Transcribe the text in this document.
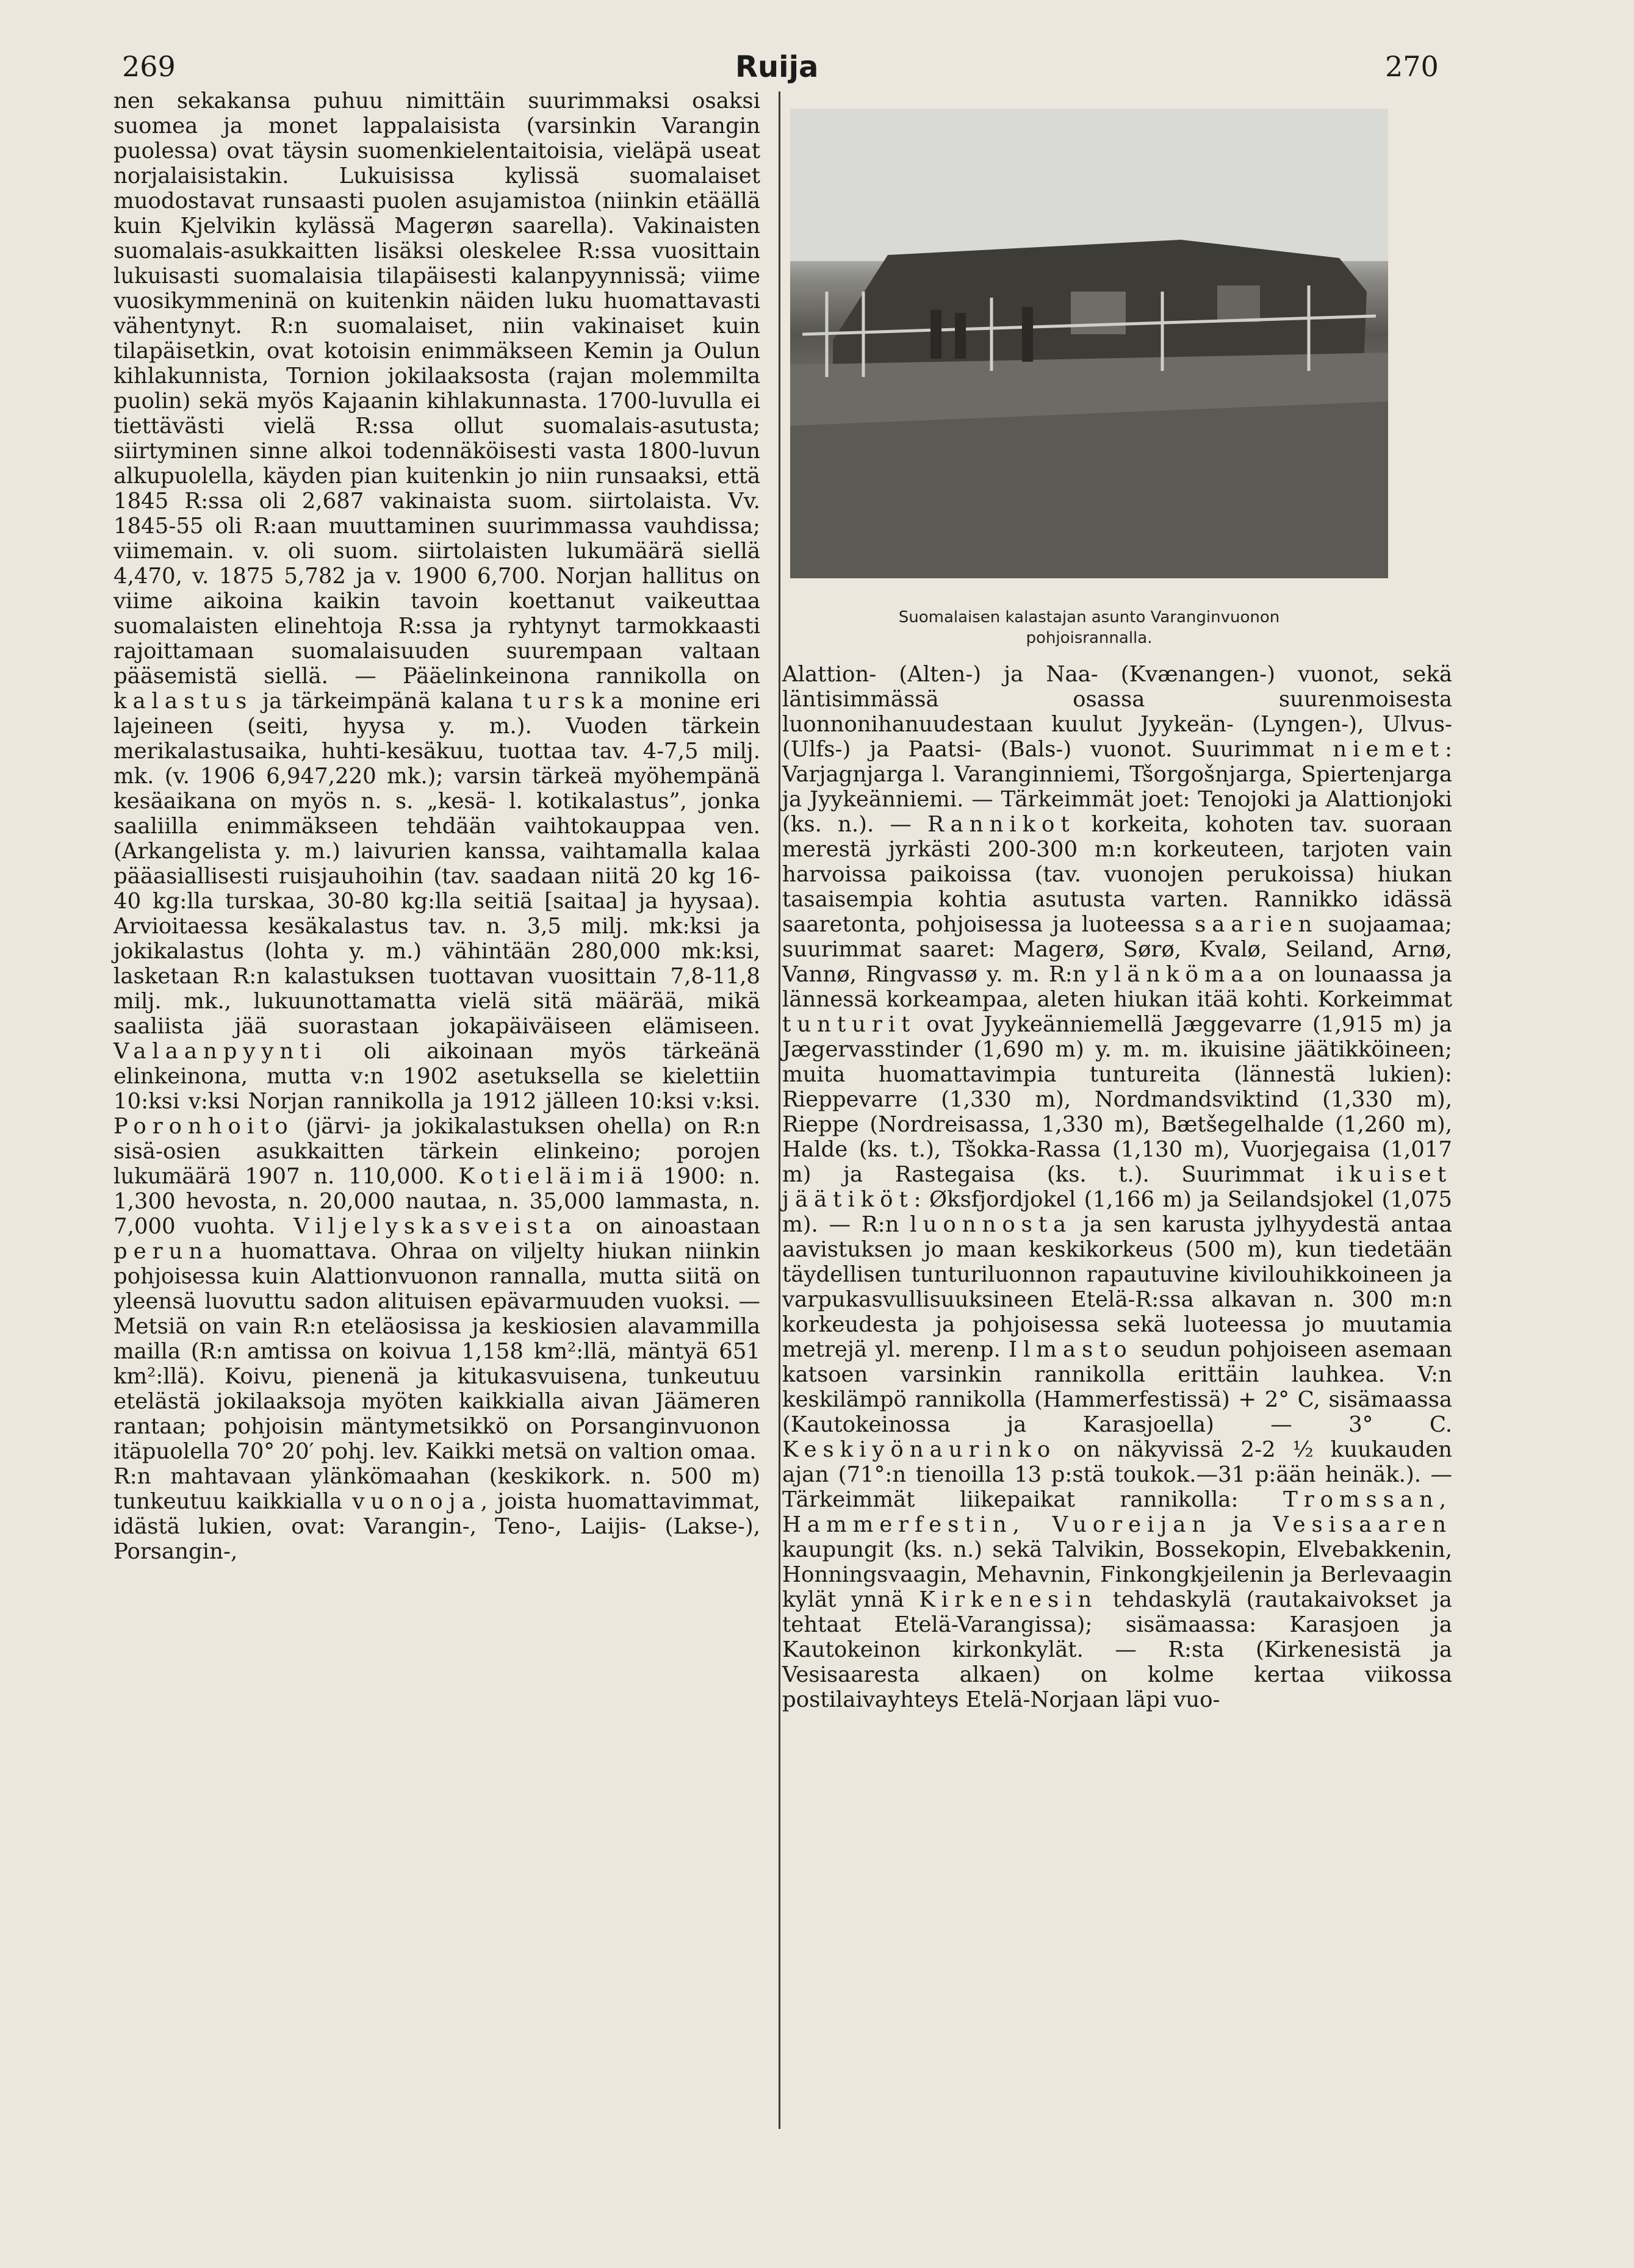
269	Ruija	270

nen sekakansa puhuu nimittäin suurimmaksi osaksi suomea ja monet lappalaisista (varsinkin Varangin puolessa) ovat täysin suomenkielentaitoisia, vieläpä useat norjalaisistakin. Lukuisissa kylissä suomalaiset muodostavat runsaasti puolen asujamistoa (niinkin etäällä kuin Kjelvikin kylässä Magerøn saarella). Vakinaisten suomalais-asukkaitten lisäksi oleskelee R:ssa vuosittain lukuisasti suomalaisia tilapäisesti kalanpyynnissä; viime vuosikymmeninä on kuitenkin näiden luku huomattavasti vähentynyt. R:n suomalaiset, niin vakinaiset kuin tilapäisetkin, ovat kotoisin enimmäkseen Kemin ja Oulun kihlakunnista, Tornion jokilaaksosta (rajan molemmilta puolin) sekä myös Kajaanin kihlakunnasta. 1700-luvulla ei tiettävästi vielä R:ssa ollut suomalais-asutusta; siirtyminen sinne alkoi todennäköisesti vasta 1800-luvun alkupuolella, käyden pian kuitenkin jo niin runsaaksi, että 1845 R:ssa oli 2,687 vakinaista suom. siirtolaista. Vv. 1845-55 oli R:aan muuttaminen suurimmassa vauhdissa; viimemain. v. oli suom. siirtolaisten lukumäärä siellä 4,470, v. 1875 5,782 ja v. 1900 6,700. Norjan hallitus on viime aikoina kaikin tavoin koettanut vaikeuttaa suomalaisten elinehtoja R:ssa ja ryhtynyt tarmokkaasti rajoittamaan suomalaisuuden suurempaan valtaan pääsemistä siellä. — Pääelinkeinona rannikolla on kalastus ja tärkeimpänä kalana turska monine eri lajeineen (seiti, hyysa y. m.). Vuoden tärkein merikalastusaika, huhti-kesäkuu, tuottaa tav. 4-7,5 milj. mk. (v. 1906 6,947,220 mk.); varsin tärkeä myöhempänä kesäaikana on myös n. s. „kesä- l. kotikalastus”, jonka saaliilla enimmäkseen tehdään vaihtokauppaa ven. (Arkangelista y. m.) laivurien kanssa, vaihtamalla kalaa pääasiallisesti ruisjauhoihin (tav. saadaan niitä 20 kg 16-40 kg:lla turskaa, 30-80 kg:lla seitiä [saitaa] ja hyysaa). Arvioitaessa kesäkalastus tav. n. 3,5 milj. mk:ksi ja jokikalastus (lohta y. m.) vähintään 280,000 mk:ksi, lasketaan R:n kalastuksen tuottavan vuosittain 7,8-11,8 milj. mk., lukuunottamatta vielä sitä määrää, mikä saaliista jää suorastaan jokapäiväiseen elämiseen. Valaanpyynti oli aikoinaan myös tärkeänä elinkeinona, mutta v:n 1902 asetuksella se kielettiin 10:ksi v:ksi Norjan rannikolla ja 1912 jälleen 10:ksi v:ksi. Poronhoito (järvi- ja jokikalastuksen ohella) on R:n sisä-osien asukkaitten tärkein elinkeino; porojen lukumäärä 1907 n. 110,000. Kotieläimiä 1900: n. 1,300 hevosta, n. 20,000 nautaa, n. 35,000 lammasta, n. 7,000 vuohta. Viljelyskasveista on ainoastaan peruna huomattava. Ohraa on viljelty hiukan niinkin pohjoisessa kuin Alattionvuonon rannalla, mutta siitä on yleensä luovuttu sadon alituisen epävarmuuden vuoksi. — Metsiä on vain R:n eteläosissa ja keskiosien alavammilla mailla (R:n amtissa on koivua 1,158 km²:llä, mäntyä 651 km²:llä). Koivu, pienenä ja kitukasvuisena, tunkeutuu etelästä jokilaaksoja myöten kaikkialla aivan Jäämeren rantaan; pohjoisin mäntymetsikkö on Porsanginvuonon itäpuolella 70° 20′ pohj. lev. Kaikki metsä on valtion omaa.

R:n mahtavaan ylänkömaahan (keskikork. n. 500 m) tunkeutuu kaikkialla vuonoja, joista huomattavimmat, idästä lukien, ovat: Varangin-, Teno-, Laijis- (Lakse-), Porsangin-,

Suomalaisen kalastajan asunto Varanginvuonon
pohjoisrannalla.

Alattion- (Alten-) ja Naa- (Kvænangen-) vuonot, sekä läntisimmässä osassa suurenmoisesta luonnonihanuudestaan kuulut Jyykeän- (Lyngen-), Ulvus- (Ulfs-) ja Paatsi- (Bals-) vuonot. Suurimmat niemet: Varjagnjarga l. Varanginniemi, Tšorgošnjarga, Spiertenjarga ja Jyykeänniemi. — Tärkeimmät joet: Tenojoki ja Alattionjoki (ks. n.). — Rannikot korkeita, kohoten tav. suoraan merestä jyrkästi 200-300 m:n korkeuteen, tarjoten vain harvoissa paikoissa (tav. vuonojen perukoissa) hiukan tasaisempia kohtia asutusta varten. Rannikko idässä saaretonta, pohjoisessa ja luoteessa saarien suojaamaa; suurimmat saaret: Magerø, Sørø, Kvalø, Seiland, Arnø, Vannø, Ringvassø y. m. R:n ylänkömaa on lounaassa ja lännessä korkeampaa, aleten hiukan itää kohti. Korkeimmat tunturit ovat Jyykeänniemellä Jæggevarre (1,915 m) ja Jægervasstinder (1,690 m) y. m. m. ikuisine jäätikköineen; muita huomattavimpia tuntureita (lännestä lukien): Rieppevarre (1,330 m), Nordmandsviktind (1,330 m), Rieppe (Nordreisassa, 1,330 m), Bætšegelhalde (1,260 m), Halde (ks. t.), Tšokka-Rassa (1,130 m), Vuorjegaisa (1,017 m) ja Rastegaisa (ks. t.). Suurimmat ikuiset jäätiköt: Øksfjordjokel (1,166 m) ja Seilandsjokel (1,075 m). — R:n luonnosta ja sen karusta jylhyydestä antaa aavistuksen jo maan keskikorkeus (500 m), kun tiedetään täydellisen tunturiluonnon rapautuvine kivilouhikkoineen ja varpukasvullisuuksineen Etelä-R:ssa alkavan n. 300 m:n korkeudesta ja pohjoisessa sekä luoteessa jo muutamia metrejä yl. merenp. Ilmasto seudun pohjoiseen asemaan katsoen varsinkin rannikolla erittäin lauhkea. V:n keskilämpö rannikolla (Hammerfestissä) + 2° C, sisämaassa (Kautokeinossa ja Karasjoella) — 3° C. Keskiyönaurinko on näkyvissä 2-2 ½ kuukauden ajan (71°:n tienoilla 13 p:stä toukok.—31 p:ään heinäk.). — Tärkeimmät liikepaikat rannikolla: Tromssan, Hammerfestin, Vuoreijan ja Vesisaaren kaupungit (ks. n.) sekä Talvikin, Bossekopin, Elvebakkenin, Honningsvaagin, Mehavnin, Finkongkjeilenin ja Berlevaagin kylät ynnä Kirkenesin tehdaskylä (rautakaivokset ja tehtaat Etelä-Varangissa); sisämaassa: Karasjoen ja Kautokeinon kirkonkylät. — R:sta (Kirkenesistä ja Vesisaaresta alkaen) on kolme kertaa viikossa postilaivayhteys Etelä-Norjaan läpi vuo-
